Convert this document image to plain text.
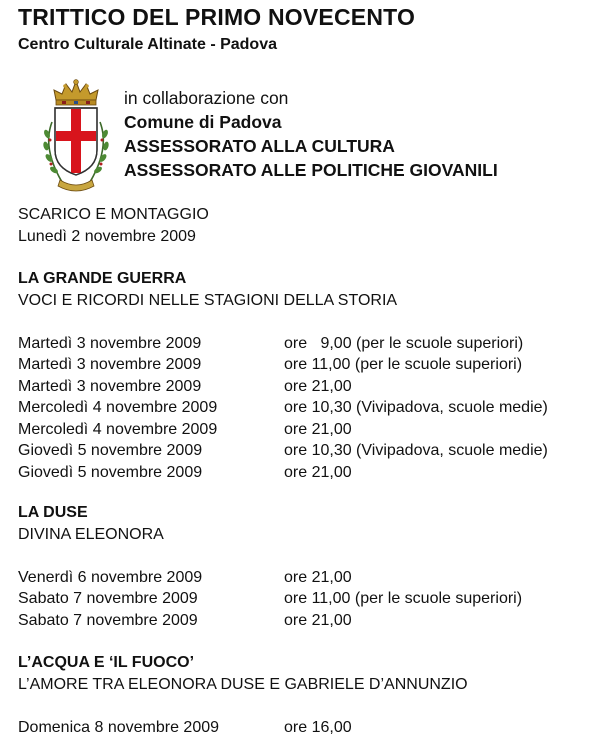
TRITTICO DEL PRIMO NOVECENTO
Centro Culturale Altinate - Padova
in collaborazione con
Comune di Padova
ASSESSORATO ALLA CULTURA
ASSESSORATO ALLE POLITICHE GIOVANILI
SCARICO E MONTAGGIO
Lunedì 2 novembre 2009
LA GRANDE GUERRA
VOCI E RICORDI NELLE STAGIONI DELLA STORIA
Martedì 3 novembre 2009	ore   9,00 (per le scuole superiori)
Martedì 3 novembre 2009	ore 11,00 (per le scuole superiori)
Martedì 3 novembre 2009	ore 21,00
Mercoledì 4 novembre 2009	ore 10,30 (Vivipadova, scuole medie)
Mercoledì 4 novembre 2009	ore 21,00
Giovedì 5 novembre 2009	ore 10,30 (Vivipadova, scuole medie)
Giovedì 5 novembre 2009	ore 21,00
LA DUSE
DIVINA ELEONORA
Venerdì 6 novembre 2009	ore 21,00
Sabato 7 novembre 2009	ore 11,00 (per le scuole superiori)
Sabato 7 novembre 2009	ore 21,00
L’ACQUA E ‘IL FUOCO’
L’AMORE TRA ELEONORA DUSE E GABRIELE D’ANNUNZIO
Domenica 8 novembre 2009	ore 16,00
